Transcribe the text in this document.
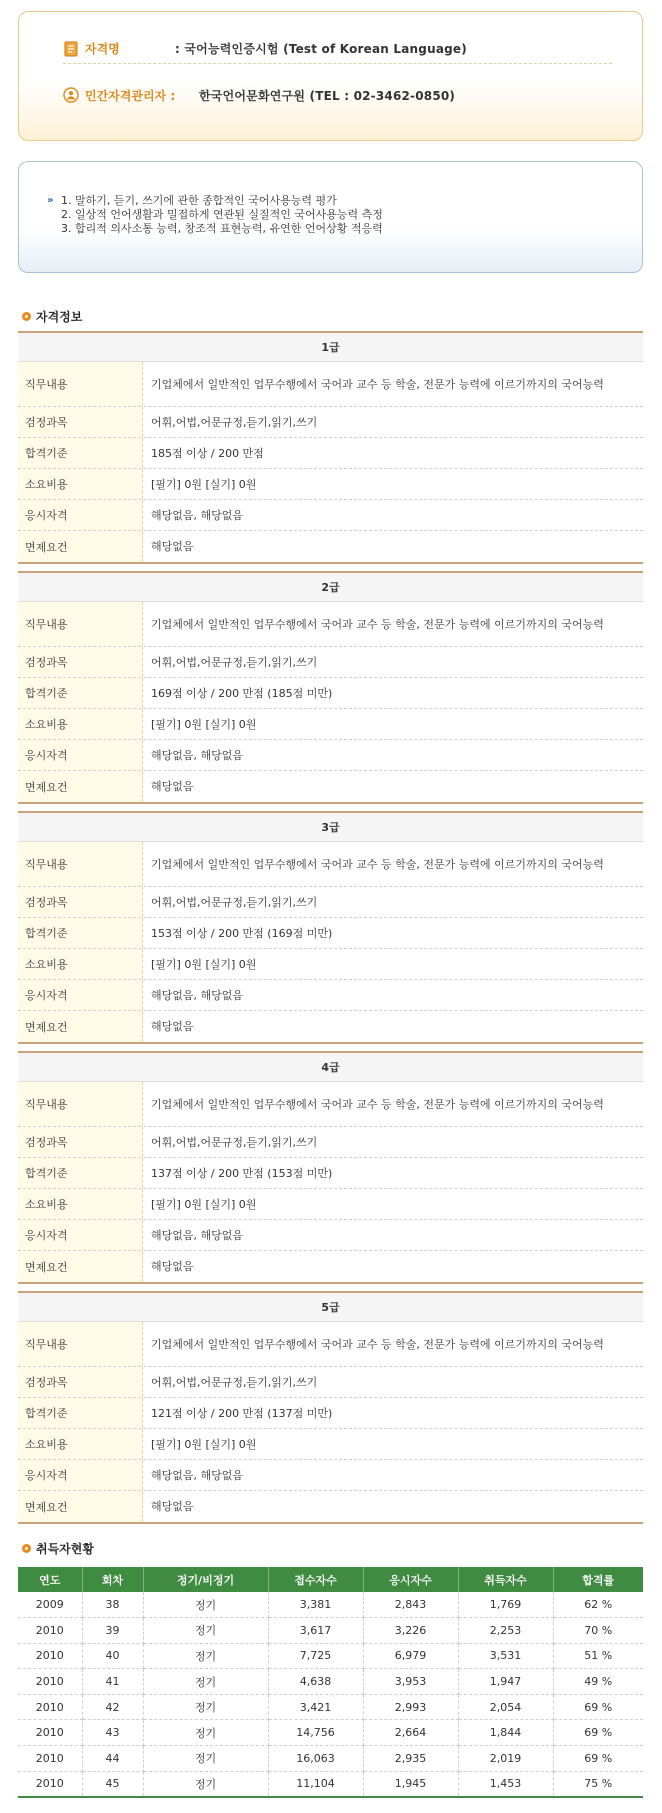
자격명	: 국어능력인증시험 (Test of Korean Language)
민간자격관리자 :	한국언어문화연구원 (TEL : 02-3462-0850)
» 1. 말하기, 듣기, 쓰기에 관한 종합적인 국어사용능력 평가
2. 일상적 언어생활과 밀접하게 연관된 실질적인 국어사용능력 측정
3. 합리적 의사소통 능력, 창조적 표현능력, 유연한 언어상황 적응력
자격정보
1급
직무내용	기업체에서 일반적인 업무수행에서 국어과 교수 등 학술, 전문가 능력에 이르기까지의 국어능력
검정과목	어휘,어법,어문규정,듣기,읽기,쓰기
합격기준	185점 이상 / 200 만점
소요비용	[필기] 0원 [실기] 0원
응시자격	해당없음, 해당없음
면제요건	해당없음
2급
직무내용	기업체에서 일반적인 업무수행에서 국어과 교수 등 학술, 전문가 능력에 이르기까지의 국어능력
검정과목	어휘,어법,어문규정,듣기,읽기,쓰기
합격기준	169점 이상 / 200 만점 (185점 미만)
소요비용	[필기] 0원 [실기] 0원
응시자격	해당없음, 해당없음
면제요건	해당없음
3급
직무내용	기업체에서 일반적인 업무수행에서 국어과 교수 등 학술, 전문가 능력에 이르기까지의 국어능력
검정과목	어휘,어법,어문규정,듣기,읽기,쓰기
합격기준	153점 이상 / 200 만점 (169점 미만)
소요비용	[필기] 0원 [실기] 0원
응시자격	해당없음, 해당없음
면제요건	해당없음
4급
직무내용	기업체에서 일반적인 업무수행에서 국어과 교수 등 학술, 전문가 능력에 이르기까지의 국어능력
검정과목	어휘,어법,어문규정,듣기,읽기,쓰기
합격기준	137점 이상 / 200 만점 (153점 미만)
소요비용	[필기] 0원 [실기] 0원
응시자격	해당없음, 해당없음
면제요건	해당없음
5급
직무내용	기업체에서 일반적인 업무수행에서 국어과 교수 등 학술, 전문가 능력에 이르기까지의 국어능력
검정과목	어휘,어법,어문규정,듣기,읽기,쓰기
합격기준	121점 이상 / 200 만점 (137점 미만)
소요비용	[필기] 0원 [실기] 0원
응시자격	해당없음, 해당없음
면제요건	해당없음
취득자현황
연도	회차	정기/비정기	접수자수	응시자수	취득자수	합격률
2009	38	정기	3,381	2,843	1,769	62 %
2010	39	정기	3,617	3,226	2,253	70 %
2010	40	정기	7,725	6,979	3,531	51 %
2010	41	정기	4,638	3,953	1,947	49 %
2010	42	정기	3,421	2,993	2,054	69 %
2010	43	정기	14,756	2,664	1,844	69 %
2010	44	정기	16,063	2,935	2,019	69 %
2010	45	정기	11,104	1,945	1,453	75 %
